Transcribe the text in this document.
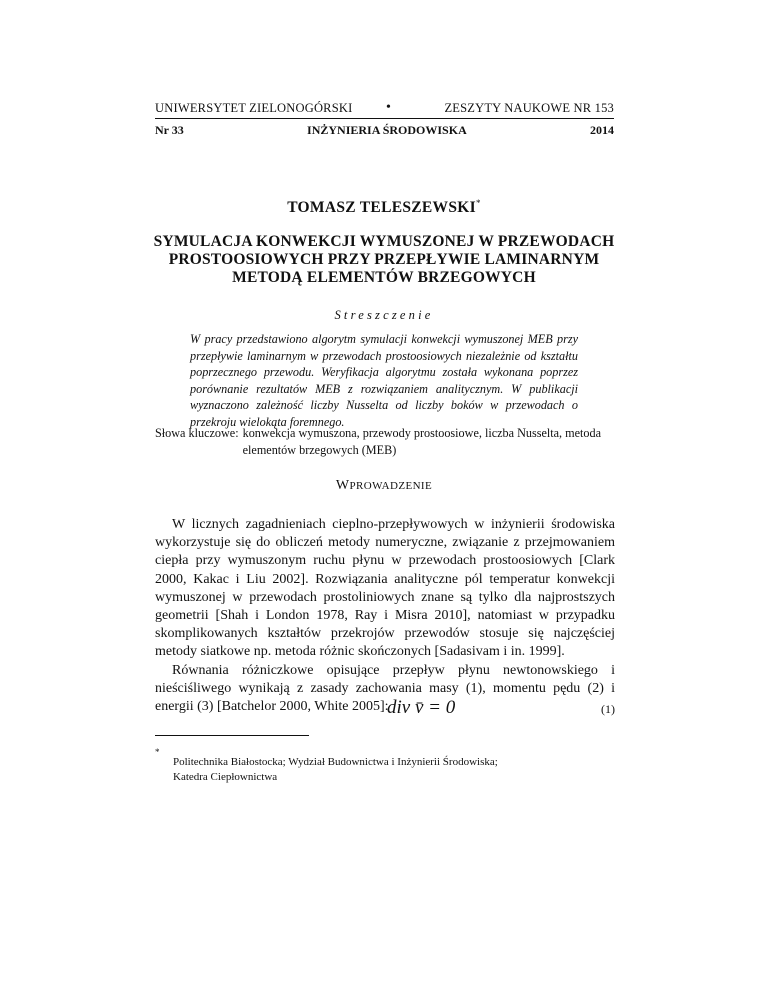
UNIWERSYTET ZIELONOGÓRSKI •	ZESZYTY NAUKOWE NR 153
Nr 33	INŻYNIERIA ŚRODOWISKA	2014
TOMASZ TELESZEWSKI*
SYMULACJA KONWEKCJI WYMUSZONEJ W PRZEWODACH
PROSTOOSIOWYCH PRZY PRZEPŁYWIE LAMINARNYM
METODĄ ELEMENTÓW BRZEGOWYCH
Streszczenie
W pracy przedstawiono algorytm symulacji konwekcji wymuszonej MEB przy przepływie laminarnym w przewodach prostoosiowych niezależnie od kształtu poprzecznego przewodu. Weryfikacja algorytmu została wykonana poprzez porównanie rezultatów MEB z rozwiązaniem analitycznym. W publikacji wyznaczono zależność liczby Nusselta od liczby boków w przewodach o przekroju wielokąta foremnego.
Słowa kluczowe: konwekcja wymuszona, przewody prostoosiowe, liczba Nusselta, metoda elementów brzegowych (MEB)
WPROWADZENIE

W licznych zagadnieniach cieplno-przepływowych w inżynierii środowiska wykorzystuje się do obliczeń metody numeryczne, związanie z przejmowaniem ciepła przy wymuszonym ruchu płynu w przewodach prostoosiowych [Clark 2000, Kakac i Liu 2002]. Rozwiązania analityczne pól temperatur konwekcji wymuszonej w przewodach prostoliniowych znane są tylko dla najprostszych geometrii [Shah i London 1978, Ray i Misra 2010], natomiast w przypadku skomplikowanych kształtów przekrojów przewodów stosuje się najczęściej metody siatkowe np. metoda różnic skończonych [Sadasivam i in. 1999].

Równania różniczkowe opisujące przepływ płynu newtonowskiego i nieściśliwego wynikają z zasady zachowania masy (1), momentu pędu (2) i energii (3) [Batchelor 2000, White 2005]:

div v̄ = 0	(1)
*
Politechnika Białostocka; Wydział Budownictwa i Inżynierii Środowiska;
Katedra Ciepłownictwa
